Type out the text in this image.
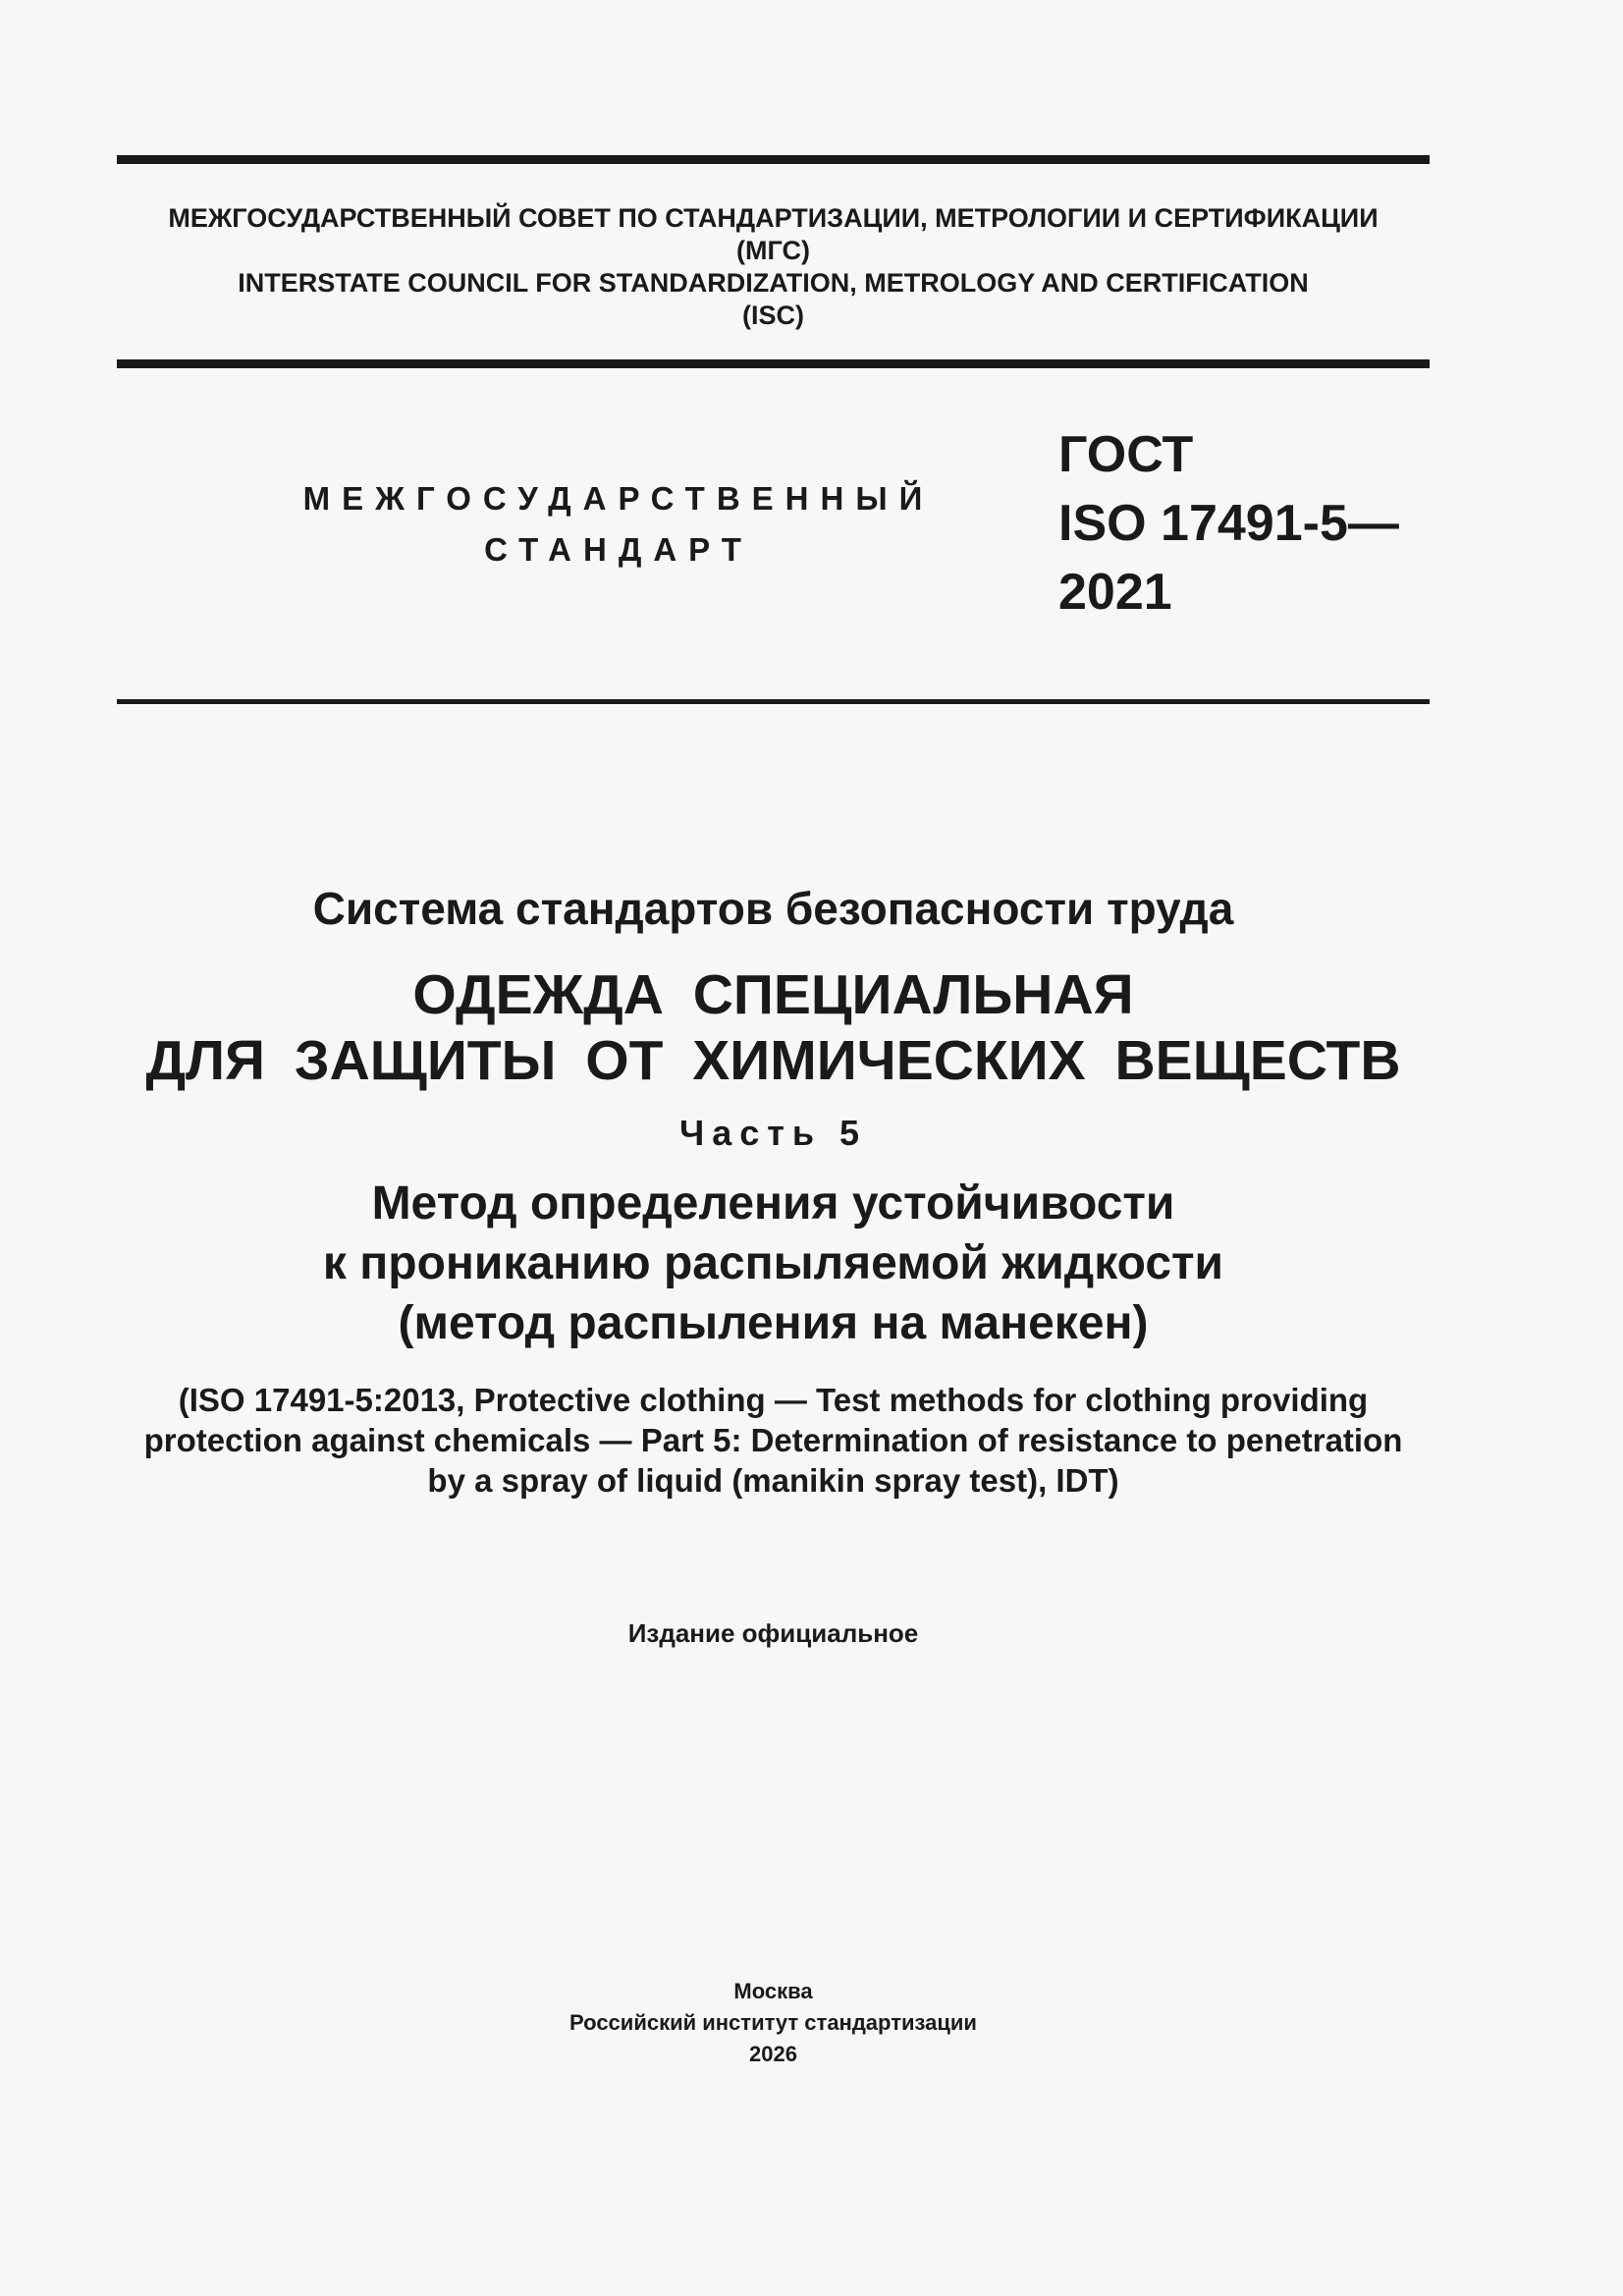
МЕЖГОСУДАРСТВЕННЫЙ СОВЕТ ПО СТАНДАРТИЗАЦИИ, МЕТРОЛОГИИ И СЕРТИФИКАЦИИ
(МГС)
INTERSTATE COUNCIL FOR STANDARDIZATION, METROLOGY AND CERTIFICATION
(ISC)
МЕЖГОСУДАРСТВЕННЫЙ
СТАНДАРТ
ГОСТ
ISO 17491-5—
2021
Система стандартов безопасности труда
ОДЕЖДА СПЕЦИАЛЬНАЯ
ДЛЯ ЗАЩИТЫ ОТ ХИМИЧЕСКИХ ВЕЩЕСТВ
Часть 5
Метод определения устойчивости
к прониканию распыляемой жидкости
(метод распыления на манекен)
(ISO 17491-5:2013, Protective clothing — Test methods for clothing providing
protection against chemicals — Part 5: Determination of resistance to penetration
by a spray of liquid (manikin spray test), IDT)
Издание официальное
Москва
Российский институт стандартизации
2026
